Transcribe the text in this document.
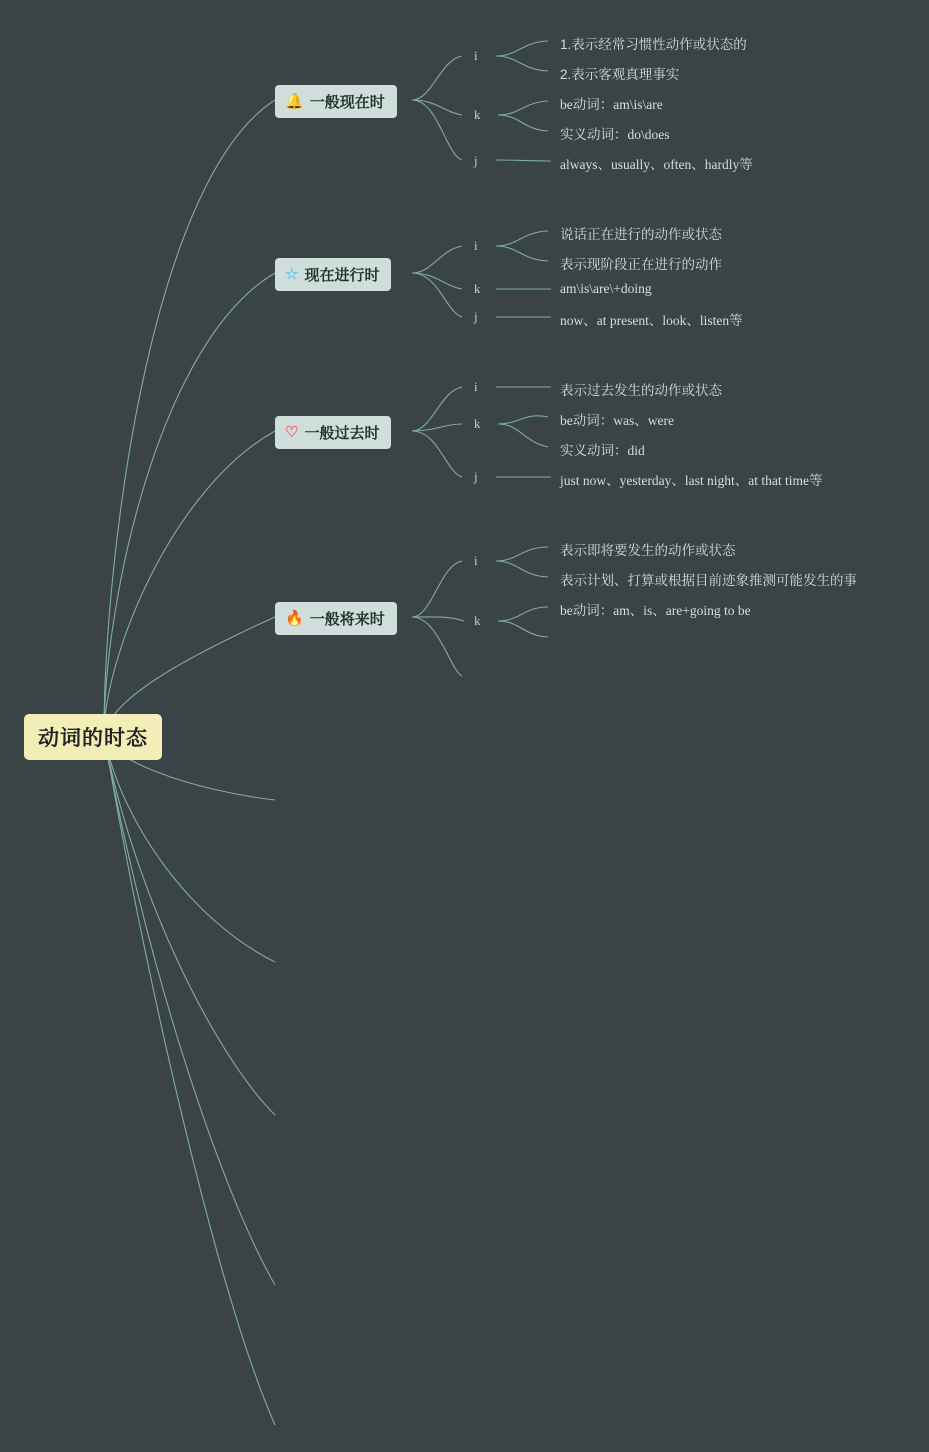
动词的时态
🔔 一般现在时
i
k
j
1.表示经常习惯性动作或状态的
2.表示客观真理事实
be动词：am\is\are
实义动词：do\does
always、usually、often、hardly等
☆ 现在进行时
i
k
j
说话正在进行的动作或状态
表示现阶段正在进行的动作
am\is\are\+doing
now、at present、look、listen等
♡ 一般过去时
i
k
j
表示过去发生的动作或状态
be动词：was、were
实义动词：did
just now、yesterday、last night、at that time等
🔥 一般将来时
i
k
表示即将要发生的动作或状态
表示计划、打算或根据目前迹象推测可能发生的事
be动词：am、is、are+going to be
